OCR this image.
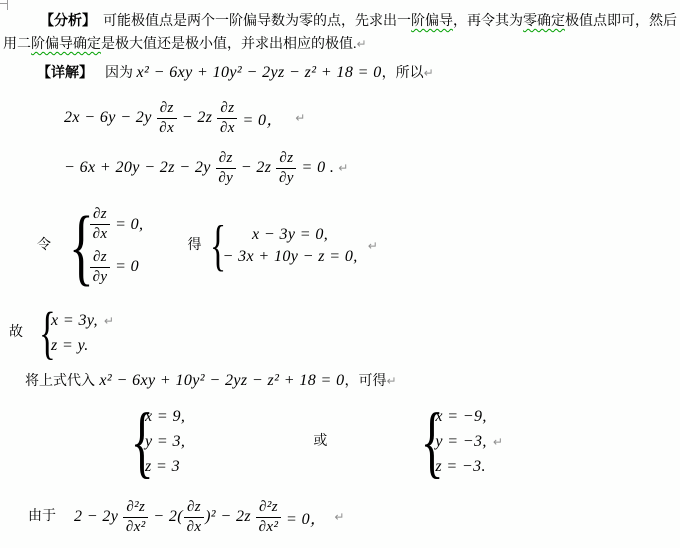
【分析】 可能极值点是两个一阶偏导数为零的点，先求出一 阶偏导 ，再令其为 零确定 极值点即可，然后
用二 阶偏导确定 是极大值还是极小值，并求出相应的极值. ↵
【详解】 因为 x² − 6xy + 10y² − 2yz − z² + 18 = 0 ，所以 ↵
$2x - 6y - 2y \frac{\partial z}{\partial x} - 2z \frac{\partial z}{\partial x} = 0$， ↵
− $6x + 20y - 2z - 2y \frac{\partial z}{\partial y} - 2z \frac{\partial z}{\partial y} = 0$ . ↵
令 {
$\frac{\partial z}{\partial x} = 0$,
$\frac{\partial z}{\partial y} = 0$
得 { x − 3y = 0,
− 3x + 10y − z = 0,
↵
故 {
x = 3y, ↵
z = y.
将上式代入 x² − 6xy + 10y² − 2yz − z² + 18 = 0 ，可得 ↵
{
x = 9,
y = 3,
z = 3
或 {
x = −9,
y = −3,
z = −3.
↵
由于 $2 - 2y \frac{\text{∂²z}}{\text{∂x²}} - 2( \frac{\partial z}{\partial x} )^2 - 2z \frac{\text{∂²z}}{\text{∂x²}} = 0$， ↵
